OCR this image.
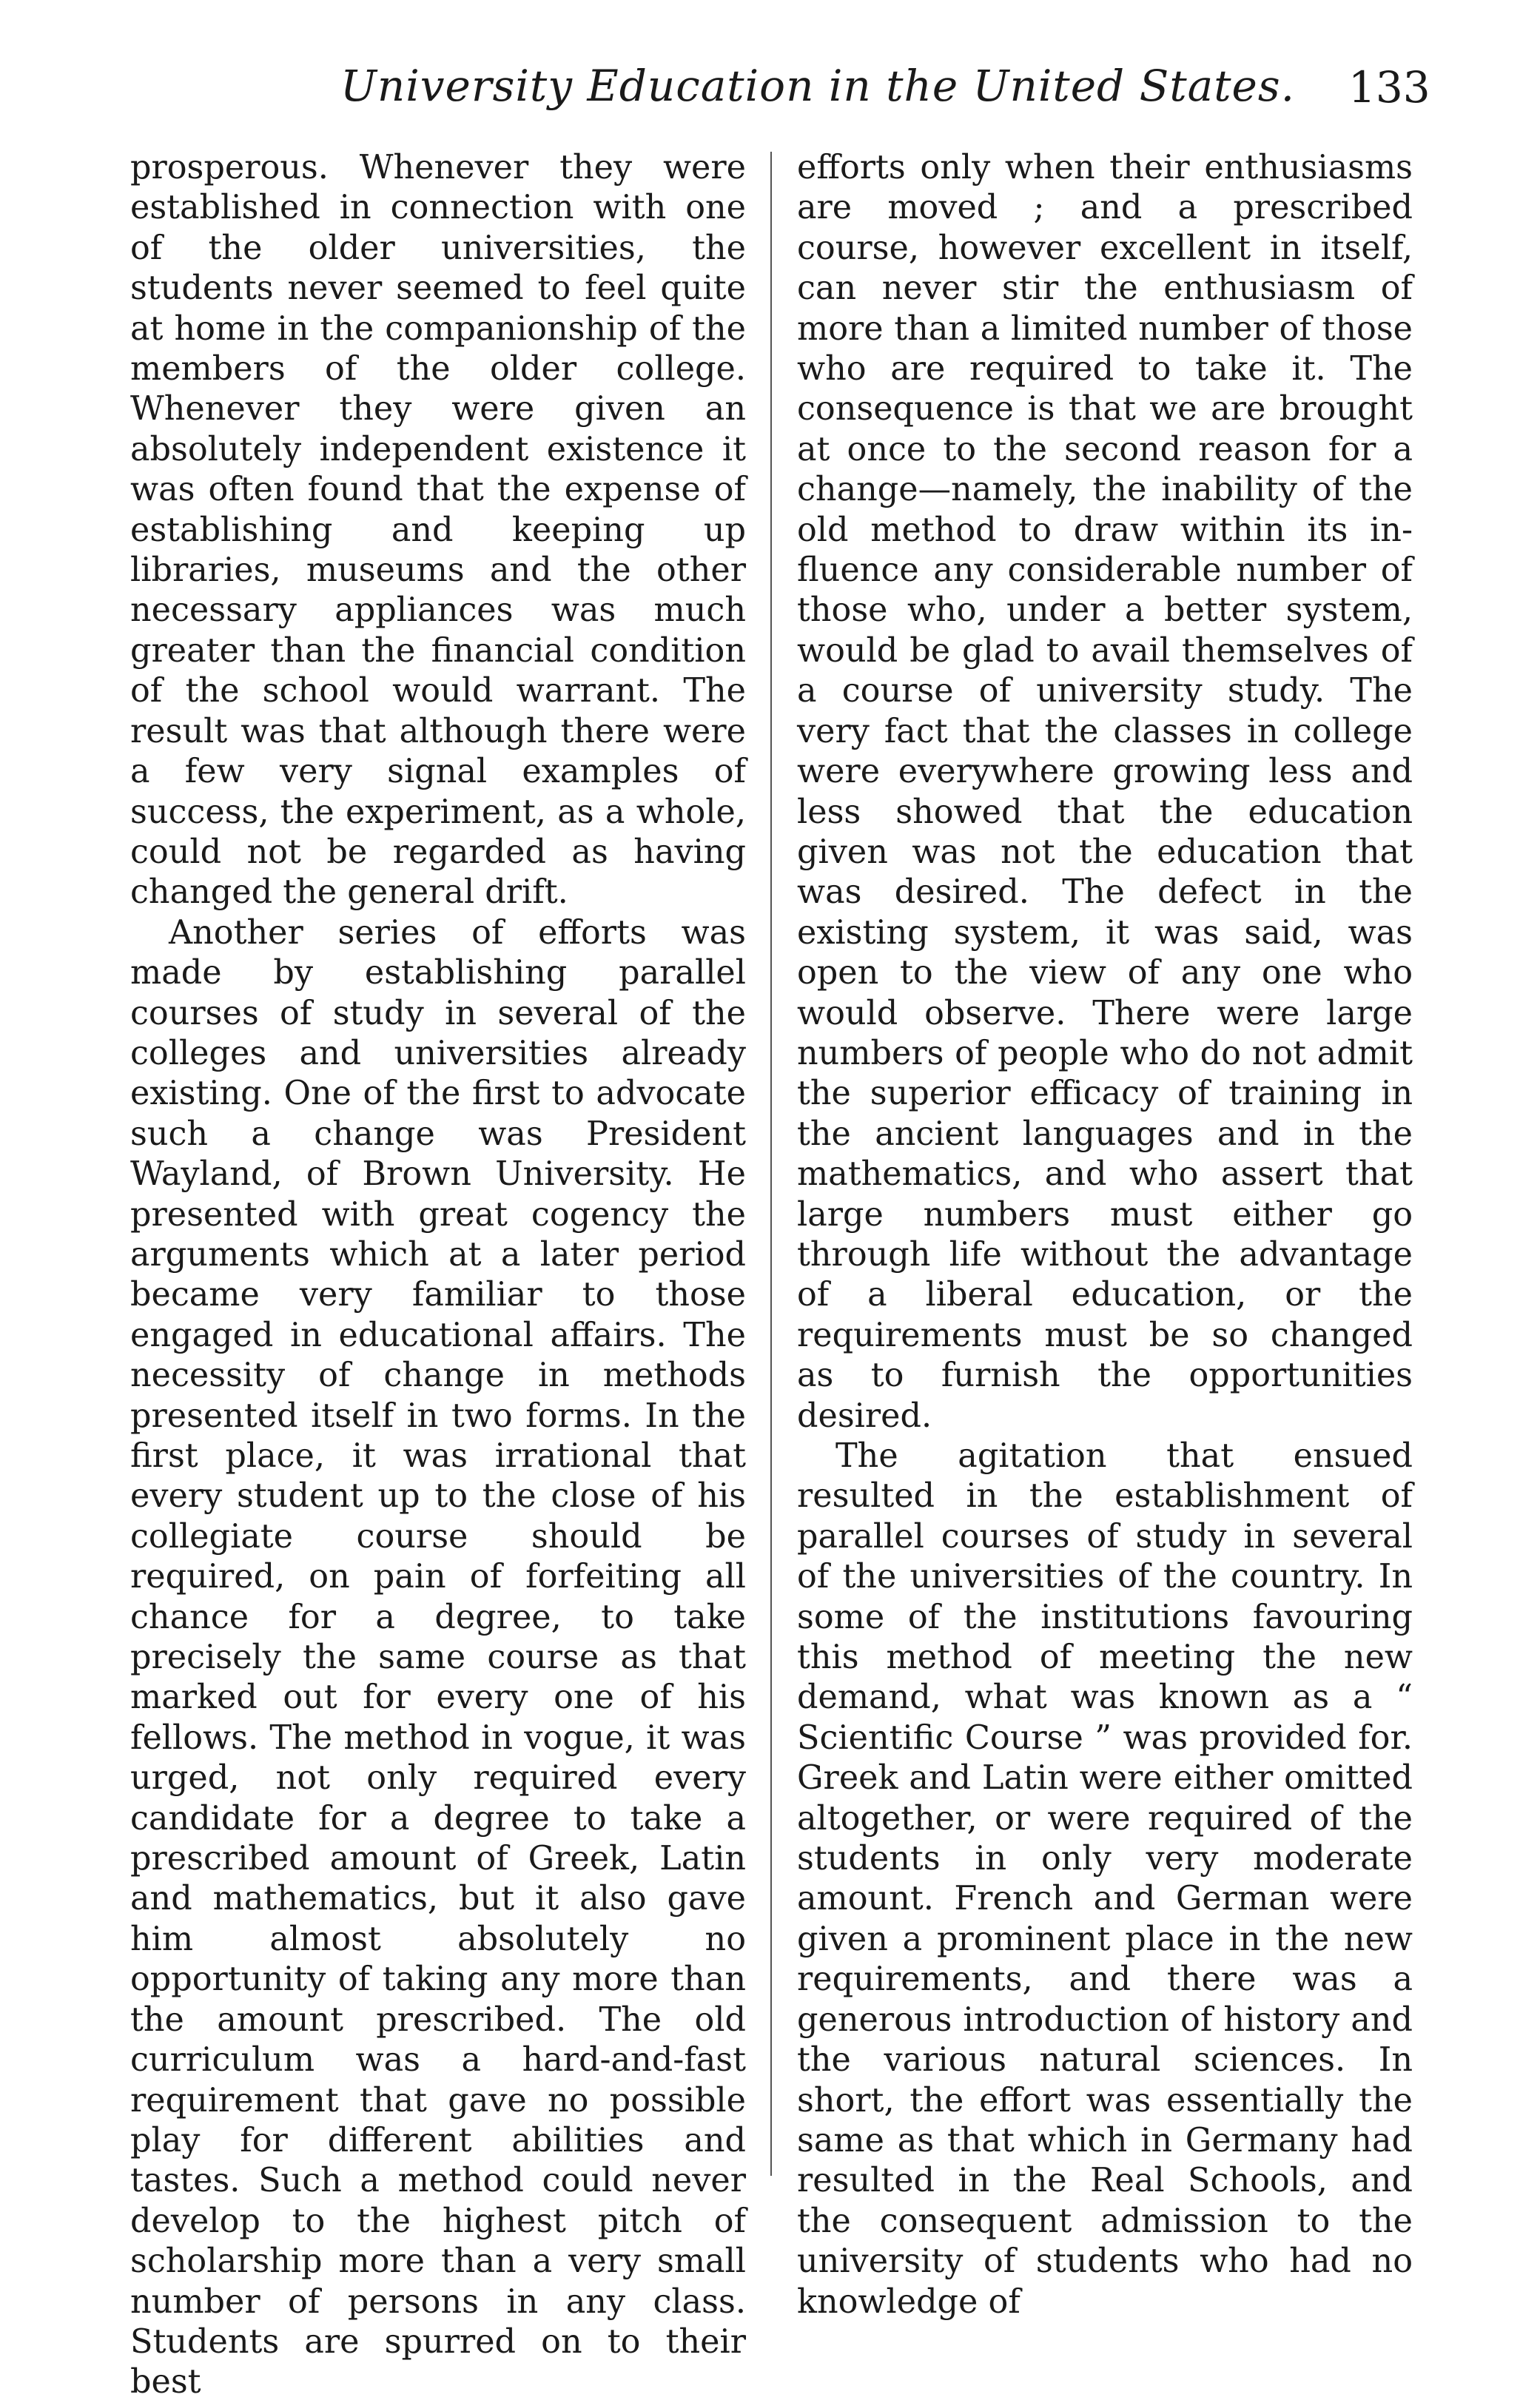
University Education in the United States. 133

prosperous. Whenever they were established in connection with one of the older universities, the students never seemed to feel quite at home in the companionship of the members of the older college. Whenever they were given an absolutely independent existence it was often found that the expense of establishing and keeping up libraries, museums and the other necessary appliances was much greater than the financial condition of the school would warrant. The result was that although there were a few very signal examples of success, the experiment, as a whole, could not be regarded as having changed the general drift.

Another series of efforts was made by establishing parallel courses of study in several of the colleges and universities already existing. One of the first to advocate such a change was President Wayland, of Brown University. He presented with great cogency the arguments which at a later period became very familiar to those engaged in educational affairs. The necessity of change in methods presented itself in two forms. In the first place, it was irrational that every student up to the close of his collegiate course should be required, on pain of forfeiting all chance for a degree, to take precisely the same course as that marked out for every one of his fellows. The method in vogue, it was urged, not only required every candidate for a degree to take a prescribed amount of Greek, Latin and mathematics, but it also gave him almost absolutely no opportunity of taking any more than the amount prescribed. The old curriculum was a hard-and-fast requirement that gave no possible play for different abilities and tastes. Such a method could never develop to the highest pitch of scholarship more than a very small number of persons in any class. Students are spurred on to their best

efforts only when their enthusiasms are moved ; and a prescribed course, however excellent in itself, can never stir the enthusiasm of more than a limited number of those who are required to take it. The consequence is that we are brought at once to the second reason for a change—namely, the inability of the old method to draw within its influence any considerable number of those who, under a better system, would be glad to avail themselves of a course of university study. The very fact that the classes in college were everywhere growing less and less showed that the education given was not the education that was desired. The defect in the existing system, it was said, was open to the view of any one who would observe. There were large numbers of people who do not admit the superior efficacy of training in the ancient languages and in the mathematics, and who assert that large numbers must either go through life without the advantage of a liberal education, or the requirements must be so changed as to furnish the opportunities desired.

The agitation that ensued resulted in the establishment of parallel courses of study in several of the universities of the country. In some of the institutions favouring this method of meeting the new demand, what was known as a “ Scientific Course ” was provided for. Greek and Latin were either omitted altogether, or were required of the students in only very moderate amount. French and German were given a prominent place in the new requirements, and there was a generous introduction of history and the various natural sciences. In short, the effort was essentially the same as that which in Germany had resulted in the Real Schools, and the consequent admission to the university of students who had no knowledge of
